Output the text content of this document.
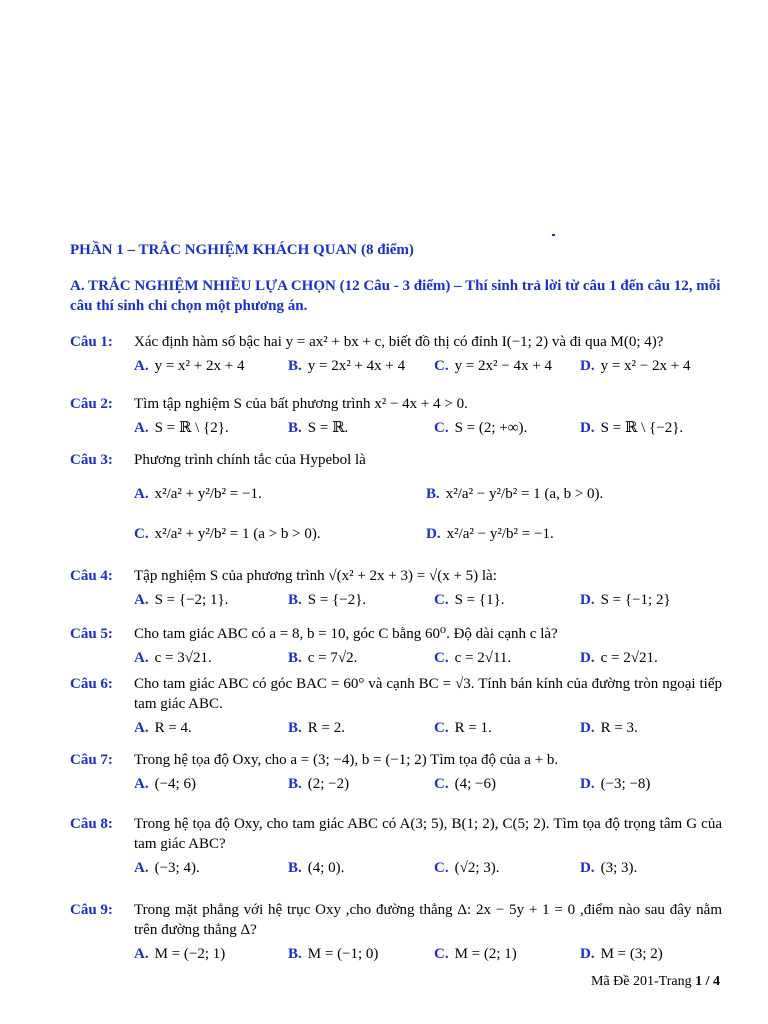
PHẦN 1 – TRẮC NGHIỆM KHÁCH QUAN (8 điểm)
A. TRẮC NGHIỆM NHIỀU LỰA CHỌN (12 Câu - 3 điểm) – Thí sinh trả lời từ câu 1 đến câu 12, mỗi câu thí sinh chỉ chọn một phương án.
Câu 1: Xác định hàm số bậc hai y = ax² + bx + c, biết đồ thị có đỉnh I(−1; 2) và đi qua M(0; 4)?
A. y = x² + 2x + 4	B. y = 2x² + 4x + 4 C. y = 2x² − 4x + 4 D. y = x² − 2x + 4
Câu 2: Tìm tập nghiệm S của bất phương trình x² − 4x + 4 > 0.
A. S = ℝ \ {2}.	B. S = ℝ.	C. S = (2; +∞).	D. S = ℝ \ {−2}.
Câu 3: Phương trình chính tắc của Hypebol là
A. x²/a² + y²/b² = −1.	B. x²/a² − y²/b² = 1 (a, b > 0).
C. x²/a² + y²/b² = 1 (a > b > 0).	D. x²/a² − y²/b² = −1.
Câu 4: Tập nghiệm S của phương trình √(x² + 2x + 3) = √(x + 5) là:
A. S = {−2; 1}.	B. S = {−2}.	C. S = {1}.	D. S = {−1; 2}
Câu 5: Cho tam giác ABC có a = 8, b = 10, góc C bằng 60⁰. Độ dài cạnh c là?
A. c = 3√21.	B. c = 7√2.	C. c = 2√11.	D. c = 2√21.
Câu 6: Cho tam giác ABC có góc BAC = 60° và cạnh BC = √3. Tính bán kính của đường tròn ngoại tiếp tam giác ABC.
A. R = 4.	B. R = 2.	C. R = 1.	D. R = 3.
Câu 7: Trong hệ tọa độ Oxy, cho a = (3; −4), b = (−1; 2) Tìm tọa độ của a + b.
A. (−4; 6)	B. (2; −2)	C. (4; −6)	D. (−3; −8)
Câu 8: Trong hệ tọa độ Oxy, cho tam giác ABC có A(3; 5), B(1; 2), C(5; 2). Tìm tọa độ trọng tâm G của tam giác ABC?
A. (−3; 4).	B. (4; 0).	C. (√2; 3).	D. (3; 3).
Câu 9: Trong mặt phẳng với hệ trục Oxy ,cho đường thẳng Δ: 2x − 5y + 1 = 0 ,điểm nào sau đây nằm trên đường thẳng Δ?
A. M = (−2; 1)	B. M = (−1; 0)	C. M = (2; 1)	D. M = (3; 2)
Mã Đề 201-Trang 1 / 4
